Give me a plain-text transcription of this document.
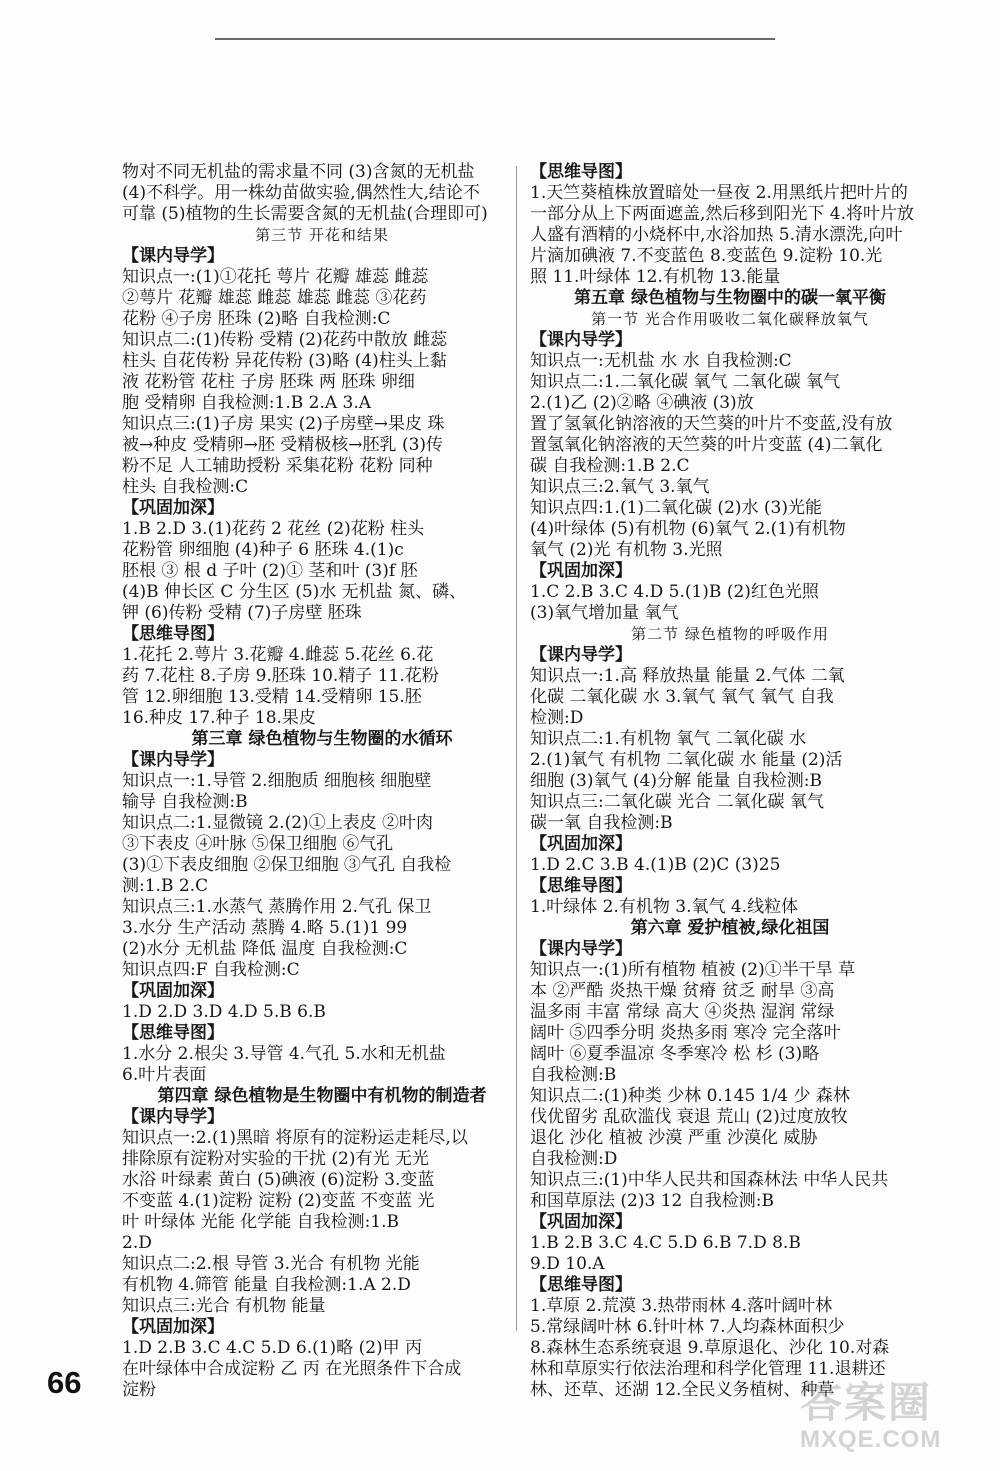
物对不同无机盐的需求量不同 (3)含氮的无机盐
(4)不科学。用一株幼苗做实验,偶然性大,结论不
可靠 (5)植物的生长需要含氮的无机盐(合理即可)
第三节 开花和结果
【课内导学】
知识点一:(1)①花托 萼片 花瓣 雄蕊 雌蕊
②萼片 花瓣 雄蕊 雌蕊 雄蕊 雌蕊 ③花药
花粉 ④子房 胚珠 (2)略 自我检测:C
知识点二:(1)传粉 受精 (2)花药中散放 雌蕊
柱头 自花传粉 异花传粉 (3)略 (4)柱头上黏
液 花粉管 花柱 子房 胚珠 两 胚珠 卵细
胞 受精卵 自我检测:1.B 2.A 3.A
知识点三:(1)子房 果实 (2)子房壁→果皮 珠
被→种皮 受精卵→胚 受精极核→胚乳 (3)传
粉不足 人工辅助授粉 采集花粉 花粉 同种
柱头 自我检测:C
【巩固加深】
1.B 2.D 3.(1)花药 2 花丝 (2)花粉 柱头
花粉管 卵细胞 (4)种子 6 胚珠 4.(1)c
胚根 ③ 根 d 子叶 (2)① 茎和叶 (3)f 胚
(4)B 伸长区 C 分生区 (5)水 无机盐 氮、磷、
钾 (6)传粉 受精 (7)子房壁 胚珠
【思维导图】
1.花托 2.萼片 3.花瓣 4.雌蕊 5.花丝 6.花
药 7.花柱 8.子房 9.胚珠 10.精子 11.花粉
管 12.卵细胞 13.受精 14.受精卵 15.胚
16.种皮 17.种子 18.果皮
第三章 绿色植物与生物圈的水循环
【课内导学】
知识点一:1.导管 2.细胞质 细胞核 细胞壁
输导 自我检测:B
知识点二:1.显微镜 2.(2)①上表皮 ②叶肉
③下表皮 ④叶脉 ⑤保卫细胞 ⑥气孔
(3)①下表皮细胞 ②保卫细胞 ③气孔 自我检
测:1.B 2.C
知识点三:1.水蒸气 蒸腾作用 2.气孔 保卫
3.水分 生产活动 蒸腾 4.略 5.(1)1 99
(2)水分 无机盐 降低 温度 自我检测:C
知识点四:F 自我检测:C
【巩固加深】
1.D 2.D 3.D 4.D 5.B 6.B
【思维导图】
1.水分 2.根尖 3.导管 4.气孔 5.水和无机盐
6.叶片表面
第四章 绿色植物是生物圈中有机物的制造者
【课内导学】
知识点一:2.(1)黑暗 将原有的淀粉运走耗尽,以
排除原有淀粉对实验的干扰 (2)有光 无光
水浴 叶绿素 黄白 (5)碘液 (6)淀粉 3.变蓝
不变蓝 4.(1)淀粉 淀粉 (2)变蓝 不变蓝 光
叶 叶绿体 光能 化学能 自我检测:1.B
2.D
知识点二:2.根 导管 3.光合 有机物 光能
有机物 4.筛管 能量 自我检测:1.A 2.D
知识点三:光合 有机物 能量
【巩固加深】
1.D 2.B 3.C 4.C 5.D 6.(1)略 (2)甲 丙
在叶绿体中合成淀粉 乙 丙 在光照条件下合成
淀粉
【思维导图】
1.天竺葵植株放置暗处一昼夜 2.用黑纸片把叶片的
一部分从上下两面遮盖,然后移到阳光下 4.将叶片放
人盛有酒精的小烧杯中,水浴加热 5.清水漂洗,向叶
片滴加碘液 7.不变蓝色 8.变蓝色 9.淀粉 10.光
照 11.叶绿体 12.有机物 13.能量
第五章 绿色植物与生物圈中的碳一氧平衡
第一节 光合作用吸收二氧化碳释放氧气
【课内导学】
知识点一:无机盐 水 水 自我检测:C
知识点二:1.二氧化碳 氧气 二氧化碳 氧气
2.(1)乙 (2)②略 ④碘液 (3)放
置了氢氧化钠溶液的天竺葵的叶片不变蓝,没有放
置氢氧化钠溶液的天竺葵的叶片变蓝 (4)二氧化
碳 自我检测:1.B 2.C
知识点三:2.氧气 3.氧气
知识点四:1.(1)二氧化碳 (2)水 (3)光能
(4)叶绿体 (5)有机物 (6)氧气 2.(1)有机物
氧气 (2)光 有机物 3.光照
【巩固加深】
1.C 2.B 3.C 4.D 5.(1)B (2)红色光照
(3)氧气增加量 氧气
第二节 绿色植物的呼吸作用
【课内导学】
知识点一:1.高 释放热量 能量 2.气体 二氧
化碳 二氧化碳 水 3.氧气 氧气 氧气 自我
检测:D
知识点二:1.有机物 氧气 二氧化碳 水
2.(1)氧气 有机物 二氧化碳 水 能量 (2)活
细胞 (3)氧气 (4)分解 能量 自我检测:B
知识点三:二氧化碳 光合 二氧化碳 氧气
碳一氧 自我检测:B
【巩固加深】
1.D 2.C 3.B 4.(1)B (2)C (3)25
【思维导图】
1.叶绿体 2.有机物 3.氧气 4.线粒体
第六章 爱护植被,绿化祖国
【课内导学】
知识点一:(1)所有植物 植被 (2)①半干旱 草
本 ②严酷 炎热干燥 贫瘠 贫乏 耐旱 ③高
温多雨 丰富 常绿 高大 ④炎热 湿润 常绿
阔叶 ⑤四季分明 炎热多雨 寒冷 完全落叶
阔叶 ⑥夏季温凉 冬季寒冷 松 杉 (3)略
自我检测:B
知识点二:(1)种类 少林 0.145 1/4 少 森林
伐优留劣 乱砍滥伐 衰退 荒山 (2)过度放牧
退化 沙化 植被 沙漠 严重 沙漠化 威胁
自我检测:D
知识点三:(1)中华人民共和国森林法 中华人民共
和国草原法 (2)3 12 自我检测:B
【巩固加深】
1.B 2.B 3.C 4.C 5.D 6.B 7.D 8.B
9.D 10.A
【思维导图】
1.草原 2.荒漠 3.热带雨林 4.落叶阔叶林
5.常绿阔叶林 6.针叶林 7.人均森林面积少
8.森林生态系统衰退 9.草原退化、沙化 10.对森
林和草原实行依法治理和科学化管理 11.退耕还
林、还草、还湖 12.全民义务植树、种草
66	答案圈
MXQE.COM
